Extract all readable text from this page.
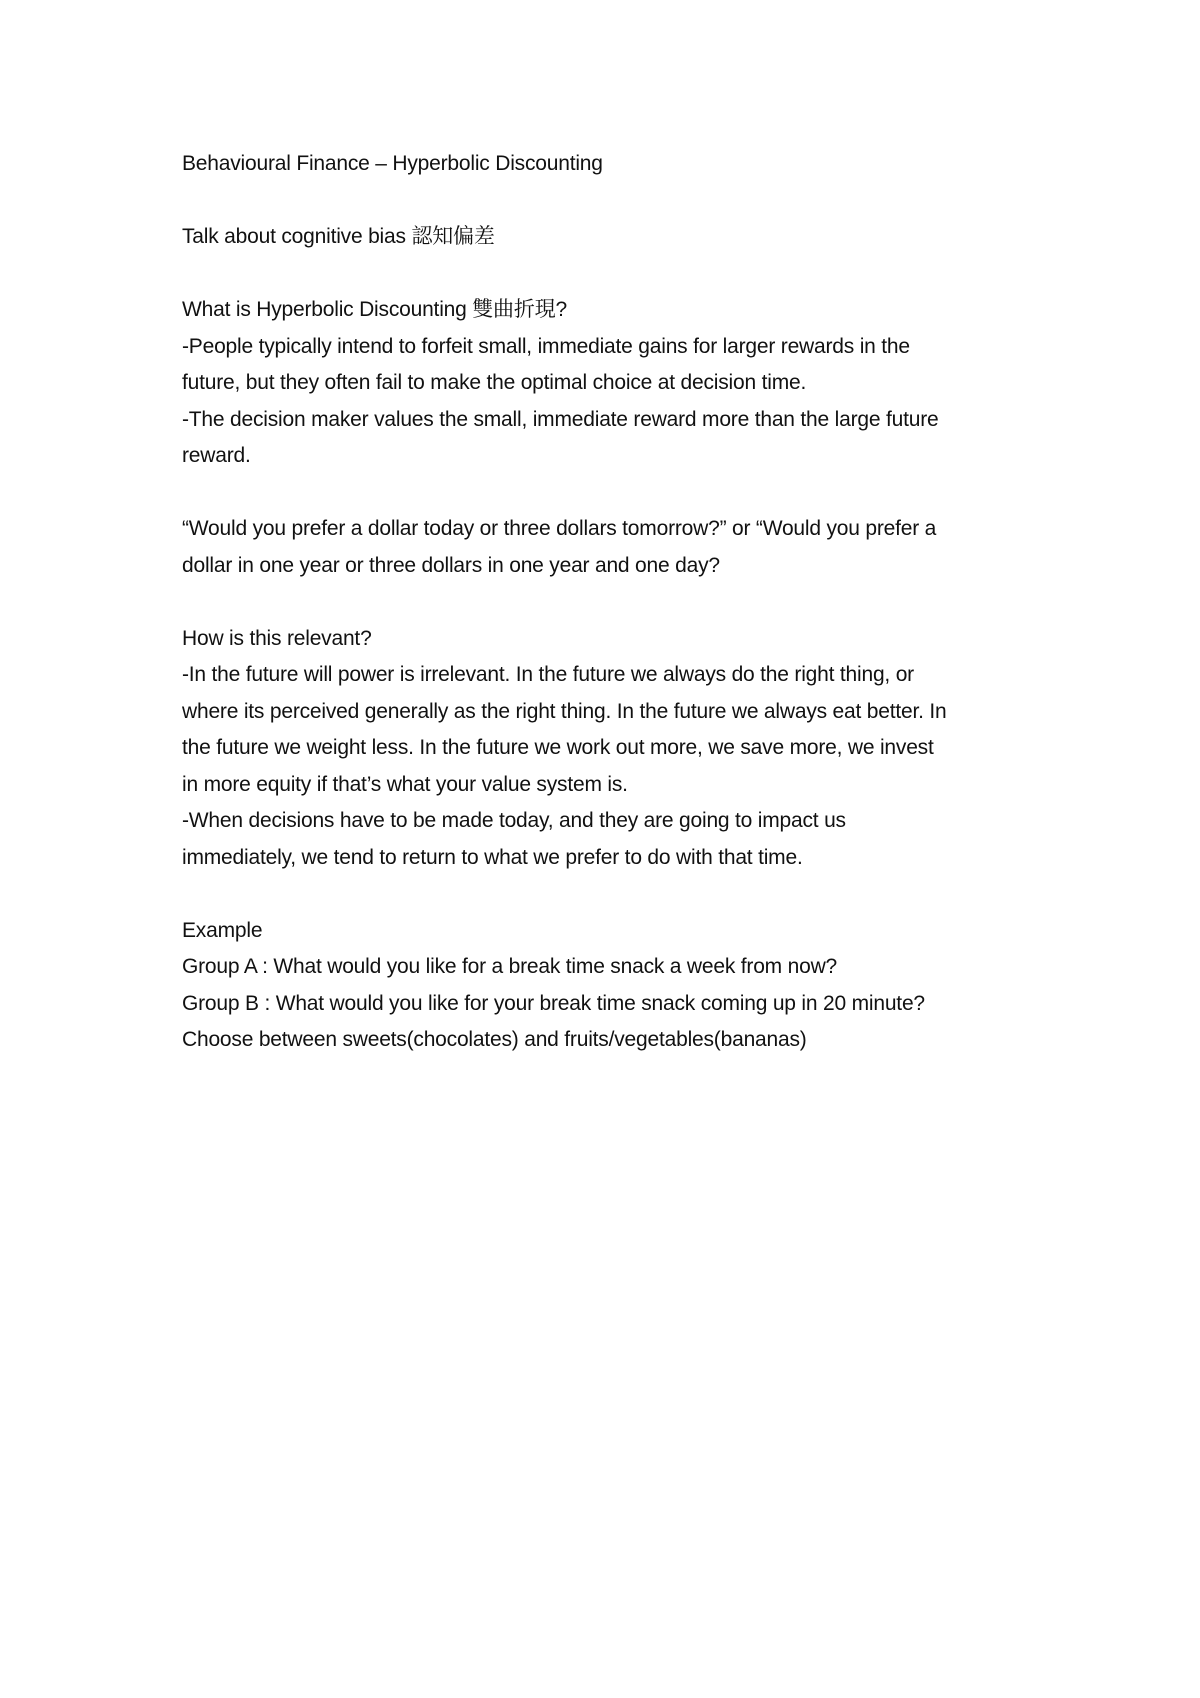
Behavioural Finance – Hyperbolic Discounting
Talk about cognitive bias 認知偏差
What is Hyperbolic Discounting 雙曲折現?
-People typically intend to forfeit small, immediate gains for larger rewards in the
future, but they often fail to make the optimal choice at decision time.
-The decision maker values the small, immediate reward more than the large future
reward.
“Would you prefer a dollar today or three dollars tomorrow?” or “Would you prefer a
dollar in one year or three dollars in one year and one day?
How is this relevant?
-In the future will power is irrelevant. In the future we always do the right thing, or
where its perceived generally as the right thing. In the future we always eat better. In
the future we weight less. In the future we work out more, we save more, we invest
in more equity if that’s what your value system is.
-When decisions have to be made today, and they are going to impact us
immediately, we tend to return to what we prefer to do with that time.
Example
Group A : What would you like for a break time snack a week from now?
Group B : What would you like for your break time snack coming up in 20 minute?
Choose between sweets(chocolates) and fruits/vegetables(bananas)
